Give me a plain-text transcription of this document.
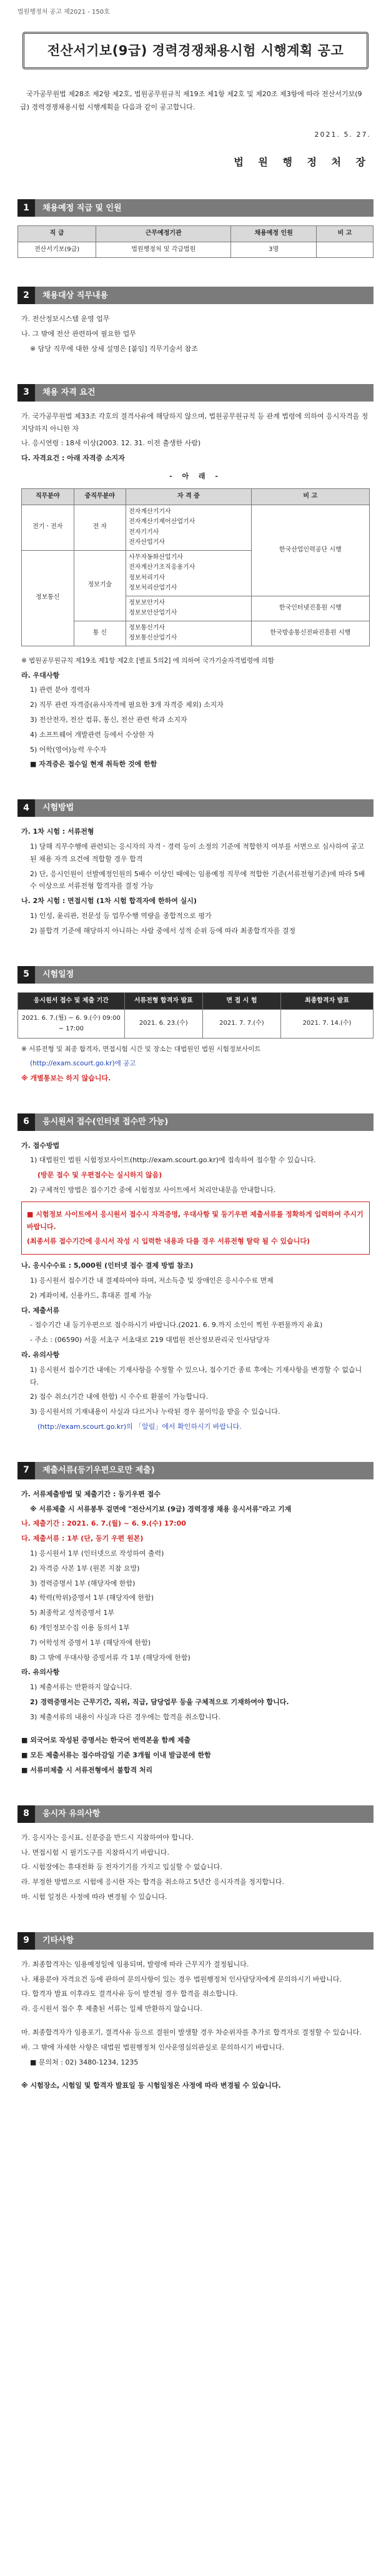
법원행정처 공고 제2021 - 150호
전산서기보(9급) 경력경쟁채용시험 시행계획 공고

국가공무원법 제28조 제2항 제2호, 법원공무원규칙 제19조 제1항 제2호 및 제20조 제3항에 따라 전산서기보(9급) 경력경쟁채용시험 시행계획을 다음과 같이 공고합니다.

2021. 5. 27.
법 원 행 정 처 장
1	채용예정 직급 및 인원
직 급	근무예정기관	채용예정 인원	비 고
전산서기보(9급)	법원행정처 및 각급법원	3명	
2	채용대상 직무내용
가. 전산정보시스템 운영 업무
나. 그 밖에 전산 관련하여 필요한 업무
※ 담당 직무에 대한 상세 설명은 [붙임] 직무기술서 참조
3	채용 자격 요건
가. 국가공무원법 제33조 각호의 결격사유에 해당하지 않으며, 법원공무원규칙 등 관계 법령에 의하여 응시자격을 정지당하지 아니한 자
나. 응시연령 : 18세 이상(2003. 12. 31. 이전 출생한 사람)
다. 자격요건 : 아래 자격증 소지자
- 아 래 -
직무분야	중직무분야	자 격 증	비 고
전기ㆍ전자	전 자	전자계산기기사
전자계산기제어산업기사
전자기기사
전자산업기사	한국산업인력공단 시행
정보통신	정보기술	사무자동화산업기사
전자계산기조직응용기사
정보처리기사
정보처리산업기사	

		정보보안기사
정보보안산업기사	한국인터넷진흥원 시행
	통 신	정보통신기사
정보통신산업기사	한국방송통신전파진흥원 시행
※ 법원공무원규칙 제19조 제1항 제2호 [별표 5의2] 에 의하여 국가기술자격법령에 의함
라. 우대사항
1) 관련 분야 경력자
2) 직무 관련 자격증(유사자격에 필요한 3개 자격증 제외) 소지자
3) 전산전자, 전산 컴퓨, 통신, 전산 관련 학과 소지자
4) 소프트웨어 개발관련 등에서 수상한 자
5) 어학(영어)능력 우수자
■ 자격증은 접수일 현재 취득한 것에 한함
4	시험방법
가. 1차 시험 : 서류전형
1) 당해 직무수행에 관련되는 응시자의 자격ㆍ경력 등이 소정의 기준에 적합한지 여부를 서면으로 심사하여 공고된 채용 자격 요건에 적합할 경우 합격
2) 단, 응시인원이 선발예정인원의 5배수 이상인 때에는 임용예정 직무에 적합한 기준(서류전형기준)에 따라 5배수 이상으로 서류전형 합격자를 결정 가능
나. 2차 시험 : 면접시험 (1차 시험 합격자에 한하여 실시)
1) 인성, 윤리관, 전문성 등 업무수행 역량을 종합적으로 평가
2) 불합격 기준에 해당하지 아니하는 사람 중에서 성적 순위 등에 따라 최종합격자를 결정
5	시험일정
응시원서 접수 및 제출 기간	서류전형 합격자 발표	면 접 시 험	최종합격자 발표
2021. 6. 7.(월) ~ 6. 9.(수) 09:00 ~ 17:00	2021. 6. 23.(수)	2021. 7. 7.(수)	2021. 7. 14.(수)
※ 서류전형 및 최종 합격자, 면접시험 시간 및 장소는 대법원인 법원 시험정보사이트
(http://exam.scourt.go.kr)에 공고
※ 개별통보는 하지 않습니다.
6	응시원서 접수(인터넷 접수만 가능)
가. 접수방법
1) 대법원인 법원 시험정보사이트(http://exam.scourt.go.kr)에 접속하여 접수할 수 있습니다.
(방문 접수 및 우편접수는 실시하지 않음)
2) 구체적인 방법은 접수기간 중에 시험정보 사이트에서 처리안내문을 안내합니다.
■ 시험정보 사이트에서 응시원서 접수시 자격증명, 우대사항 및 등기우편 제출서류를 정확하게 입력하여 주시기 바랍니다.
(최종서류 접수기간에 응시서 작성 시 입력한 내용과 다를 경우 서류전형 탈락 될 수 있습니다)
나. 응시수수료 : 5,000원 (인터넷 접수 결제 방법 참조)
1) 응시원서 접수기간 내 결제하여야 하며, 저소득층 및 장애인은 응시수수료 면제
2) 계좌이체, 신용카드, 휴대폰 결제 가능
다. 제출서류
- 접수기간 내 등기우편으로 접수하시기 바랍니다.(2021. 6. 9.까지 소인이 찍힌 우편물까지 유효)
- 주소 : (06590) 서울 서초구 서초대로 219 대법원 전산정보관리국 인사담당자
라. 유의사항
1) 응시원서 접수기간 내에는 기재사항을 수정할 수 있으나, 접수기간 종료 후에는 기재사항을 변경할 수 없습니다.
2) 접수 취소(기간 내에 한함) 시 수수료 환불이 가능합니다.
3) 응시원서의 기재내용이 사실과 다르거나 누락된 경우 불이익을 받을 수 있습니다.
(http://exam.scourt.go.kr)의 「알림」에서 확인하시기 바랍니다.
7	제출서류(등기우편으로만 제출)
가. 서류제출방법 및 제출기간 : 등기우편 접수
※ 서류제출 시 서류봉투 겉면에 "전산서기보 (9급) 경력경쟁 채용 응시서류"라고 기재
나. 제출기간 : 2021. 6. 7.(월) ~ 6. 9.(수) 17:00
다. 제출서류 : 1부 (단, 등기 우편 원본)
1) 응시원서 1부 (인터넷으로 작성하여 출력)
2) 자격증 사본 1부 (원본 지참 요망)
3) 경력증명서 1부 (해당자에 한함)
4) 학력(학위)증명서 1부 (해당자에 한함)
5) 최종학교 성적증명서 1부
6) 개인정보수집 이용 동의서 1부
7) 어학성적 증명서 1부 (해당자에 한함)
8) 그 밖에 우대사항 증빙서류 각 1부 (해당자에 한함)
라. 유의사항
1) 제출서류는 반환하지 않습니다.
2) 경력증명서는 근무기간, 직위, 직급, 담당업무 등을 구체적으로 기재하여야 합니다.
3) 제출서류의 내용이 사실과 다른 경우에는 합격을 취소합니다.
■ 외국어로 작성된 증명서는 한국어 번역본을 함께 제출
■ 모든 제출서류는 접수마감일 기준 3개월 이내 발급분에 한함
■ 서류미제출 시 서류전형에서 불합격 처리
8	응시자 유의사항
가. 응시자는 응시표, 신분증을 반드시 지참하여야 합니다.
나. 면접시험 시 필기도구를 지참하시기 바랍니다.
다. 시험장에는 휴대전화 등 전자기기를 가지고 입실할 수 없습니다.
라. 부정한 방법으로 시험에 응시한 자는 합격을 취소하고 5년간 응시자격을 정지합니다.
마. 시험 일정은 사정에 따라 변경될 수 있습니다.
9	기타사항
가. 최종합격자는 임용예정일에 임용되며, 발령에 따라 근무지가 결정됩니다.
나. 채용분야 자격요건 등에 관하여 문의사항이 있는 경우 법원행정처 인사담당자에게 문의하시기 바랍니다.
다. 합격자 발표 이후라도 결격사유 등이 발견될 경우 합격을 취소합니다.
라. 응시원서 접수 후 제출된 서류는 일체 반환하지 않습니다.
마. 최종합격자가 임용포기, 결격사유 등으로 결원이 발생할 경우 차순위자를 추가로 합격자로 결정할 수 있습니다.
바. 그 밖에 자세한 사항은 대법원 법원행정처 인사운영심의관실로 문의하시기 바랍니다.
■ 문의처 : 02) 3480-1234, 1235
※ 시험장소, 시험일 및 합격자 발표일 등 시험일정은 사정에 따라 변경될 수 있습니다.
